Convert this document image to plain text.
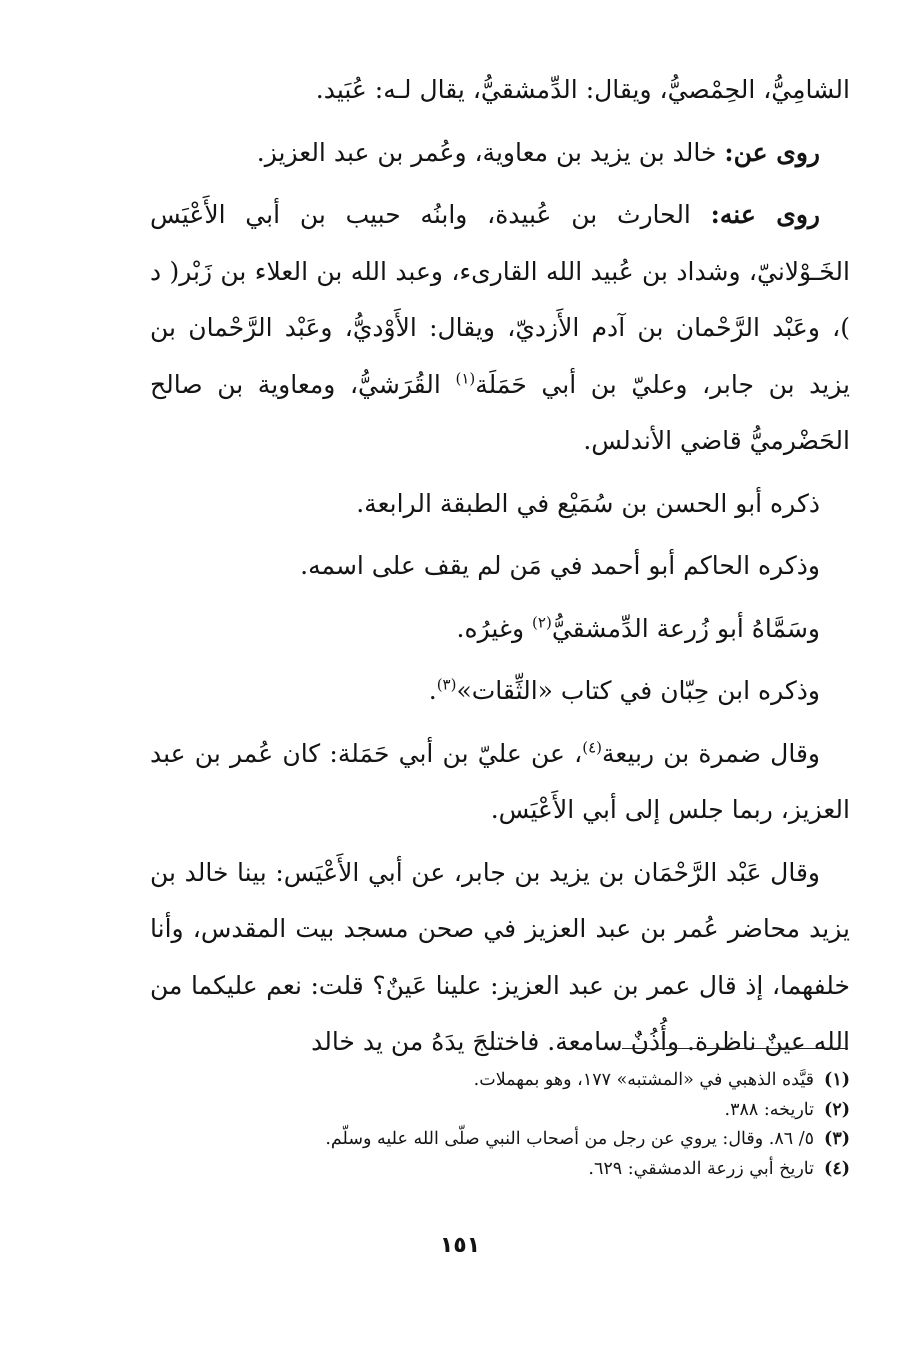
الشامِيُّ، الحِمْصيُّ، ويقال: الدِّمشقيُّ، يقال لـه: عُبَيد.

روى عن: خالد بن يزيد بن معاوية، وعُمر بن عبد العزيز.

روى عنه: الحارث بن عُبيدة، وابنُه حبيب بن أبي الأَعْيَس الخَـوْلانيّ، وشداد بن عُبيد الله القارىء، وعبد الله بن العلاء بن زَبْر( د )، وعَبْد الرَّحْمان بن آدم الأَزديّ، ويقال: الأَوْديُّ، وعَبْد الرَّحْمان بن يزيد بن جابر، وعليّ بن أبي حَمَلَة$^{(١)}$ القُرَشيُّ، ومعاوية بن صالح الحَضْرميُّ قاضي الأندلس.

ذكره أبو الحسن بن سُمَيْع في الطبقة الرابعة.

وذكره الحاكم أبو أحمد في مَن لم يقف على اسمه.

وسَمَّاهُ أبو زُرعة الدِّمشقيُّ$^{(٢)}$ وغيرُه.

وذكره ابن حِبّان في كتاب «الثِّقات»$^{(٣)}$.

وقال ضمرة بن ربيعة$^{(٤)}$، عن عليّ بن أبي حَمَلة: كان عُمر بن عبد العزيز، ربما جلس إلى أبي الأَعْيَس.

وقال عَبْد الرَّحْمَان بن يزيد بن جابر، عن أبي الأَعْيَس: بينا خالد بن يزيد محاضر عُمر بن عبد العزيز في صحن مسجد بيت المقدس، وأنا خلفهما، إذ قال عمر بن عبد العزيز: علينا عَينٌ؟ قلت: نعم عليكما من الله عينٌ ناظرة. وأُذُنٌ سامعة. فاختلجَ يدَهُ من يد خالد

(١)قيَّده الذهبي في «المشتبه» ١٧٧، وهو بمهملات.
(٢)تاريخه: ٣٨٨.
(٣)٥/ ٨٦. وقال: يروي عن رجل من أصحاب النبي صلّى الله عليه وسلّم.
(٤)تاريخ أبي زرعة الدمشقي: ٦٢٩.
١٥١
